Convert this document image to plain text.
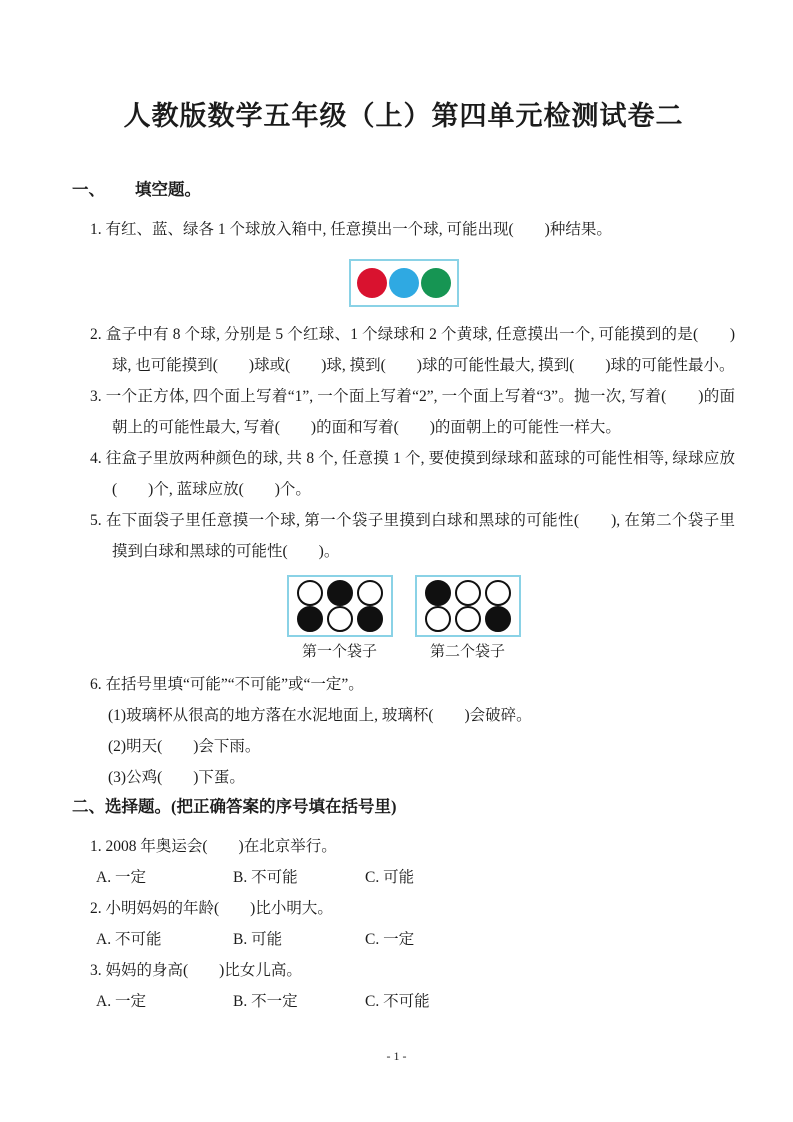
人教版数学五年级（上）第四单元检测试卷二
一、 填空题。

1. 有红、蓝、绿各 1 个球放入箱中, 任意摸出一个球, 可能出现(　　)种结果。

2. 盒子中有 8 个球, 分别是 5 个红球、1 个绿球和 2 个黄球, 任意摸出一个, 可能摸到的是(　　)球, 也可能摸到(　　)球或(　　)球, 摸到(　　)球的可能性最大, 摸到(　　)球的可能性最小。

3. 一个正方体, 四个面上写着“1”, 一个面上写着“2”, 一个面上写着“3”。抛一次, 写着(　　)的面朝上的可能性最大, 写着(　　)的面和写着(　　)的面朝上的可能性一样大。

4. 往盒子里放两种颜色的球, 共 8 个, 任意摸 1 个, 要使摸到绿球和蓝球的可能性相等, 绿球应放(　　)个, 蓝球应放(　　)个。

5. 在下面袋子里任意摸一个球, 第一个袋子里摸到白球和黑球的可能性(　　), 在第二个袋子里摸到白球和黑球的可能性(　　)。

第一个袋子	第二个袋子

6. 在括号里填“可能”“不可能”或“一定”。

(1)玻璃杯从很高的地方落在水泥地面上, 玻璃杯(　　)会破碎。

(2)明天(　　)会下雨。

(3)公鸡(　　)下蛋。

二、选择题。(把正确答案的序号填在括号里)

1. 2008 年奥运会(　　)在北京举行。

A. 一定	B. 不可能	C. 可能

2. 小明妈妈的年龄(　　)比小明大。

A. 不可能	B. 可能	C. 一定

3. 妈妈的身高(　　)比女儿高。

A. 一定	B. 不一定	C. 不可能
- 1 -
